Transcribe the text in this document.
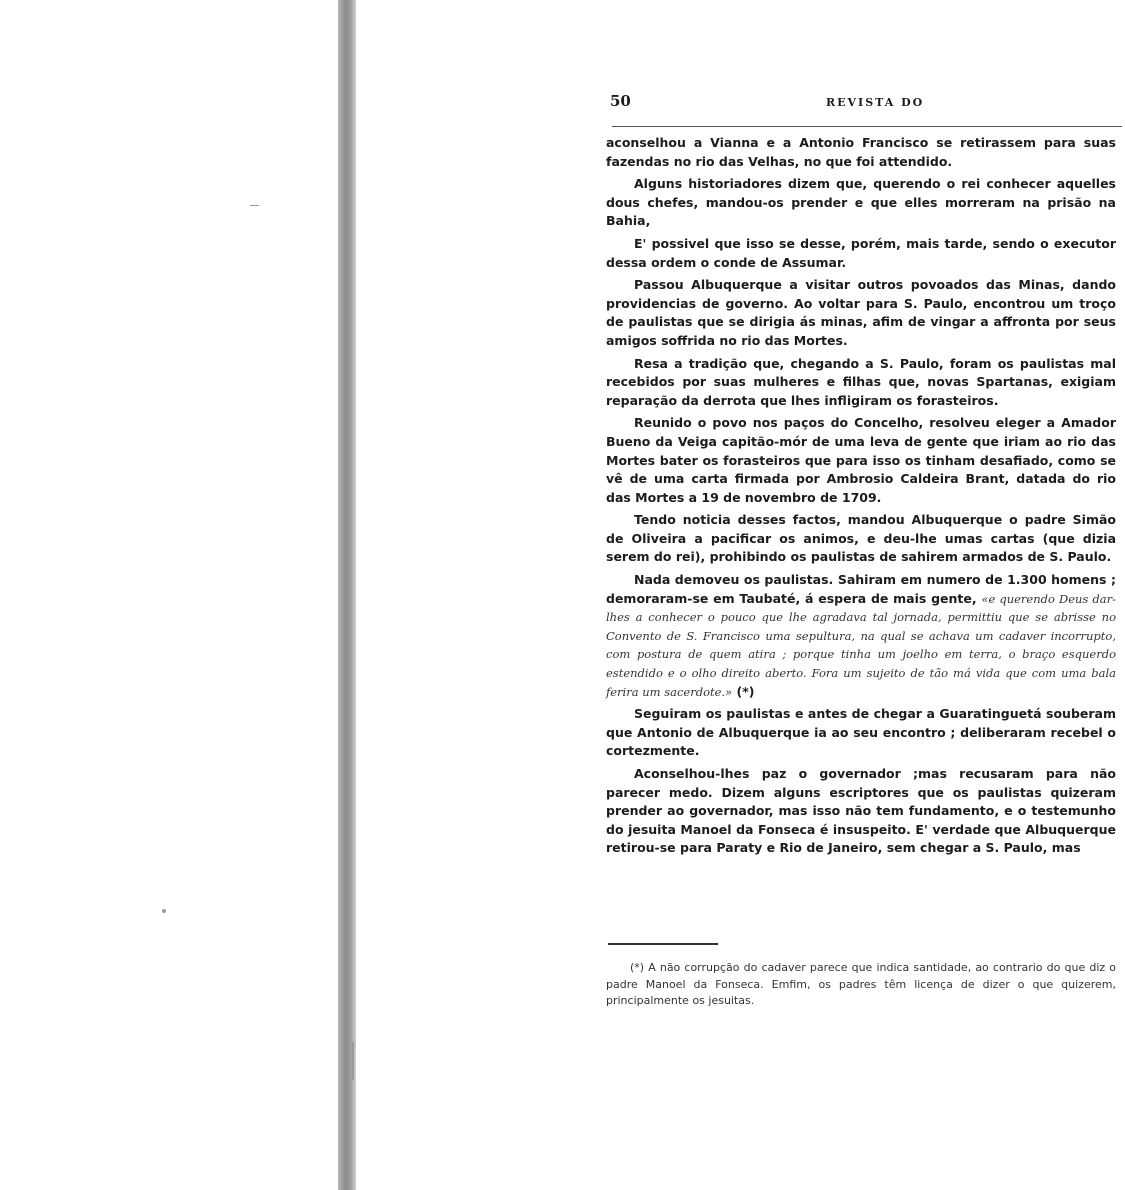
50	REVISTA DO

aconselhou a Vianna e a Antonio Francisco se retirassem para suas fazendas no rio das Velhas, no que foi attendido.

Alguns historiadores dizem que, querendo o rei conhecer aquelles dous chefes, mandou-os prender e que elles morreram na prisão na Bahia,

E' possivel que isso se desse, porém, mais tarde, sendo o executor dessa ordem o conde de Assumar.

Passou Albuquerque a visitar outros povoados das Minas, dando providencias de governo. Ao voltar para S. Paulo, encontrou um troço de paulistas que se dirigia ás minas, afim de vingar a affronta por seus amigos soffrida no rio das Mortes.

Resa a tradição que, chegando a S. Paulo, foram os paulistas mal recebidos por suas mulheres e filhas que, novas Spartanas, exigiam reparação da derrota que lhes infligiram os forasteiros.

Reunido o povo nos paços do Concelho, resolveu eleger a Amador Bueno da Veiga capitão-mór de uma leva de gente que iriam ao rio das Mortes bater os forasteiros que para isso os tinham desafiado, como se vê de uma carta firmada por Ambrosio Caldeira Brant, datada do rio das Mortes a 19 de novembro de 1709.

Tendo noticia desses factos, mandou Albuquerque o padre Simão de Oliveira a pacificar os animos, e deu-lhe umas cartas (que dizia serem do rei), prohibindo os paulistas de sahirem armados de S. Paulo.

Nada demoveu os paulistas. Sahiram em numero de 1.300 homens ; demoraram-se em Taubaté, á espera de mais gente, «e querendo Deus dar-lhes a conhecer o pouco que lhe agradava tal jornada, permittiu que se abrisse no Convento de S. Francisco uma sepultura, na qual se achava um cadaver incorrupto, com postura de quem atira ; porque tinha um joelho em terra, o braço esquerdo estendido e o olho direito aberto. Fora um sujeito de tão má vida que com uma bala ferira um sacerdote.» (*)

Seguiram os paulistas e antes de chegar a Guaratinguetá souberam que Antonio de Albuquerque ia ao seu encontro ; deliberaram recebel o cortezmente.

Aconselhou-lhes paz o governador ;mas recusaram para não parecer medo. Dizem alguns escriptores que os paulistas quizeram prender ao governador, mas isso não tem fundamento, e o testemunho do jesuita Manoel da Fonseca é insuspeito. E' verdade que Albuquerque retirou-se para Paraty e Rio de Janeiro, sem chegar a S. Paulo, mas

(*) A não corrupção do cadaver parece que indica santidade, ao contrario do que diz o padre Manoel da Fonseca. Emfim, os padres têm licença de dizer o que quizerem, principalmente os jesuitas.
